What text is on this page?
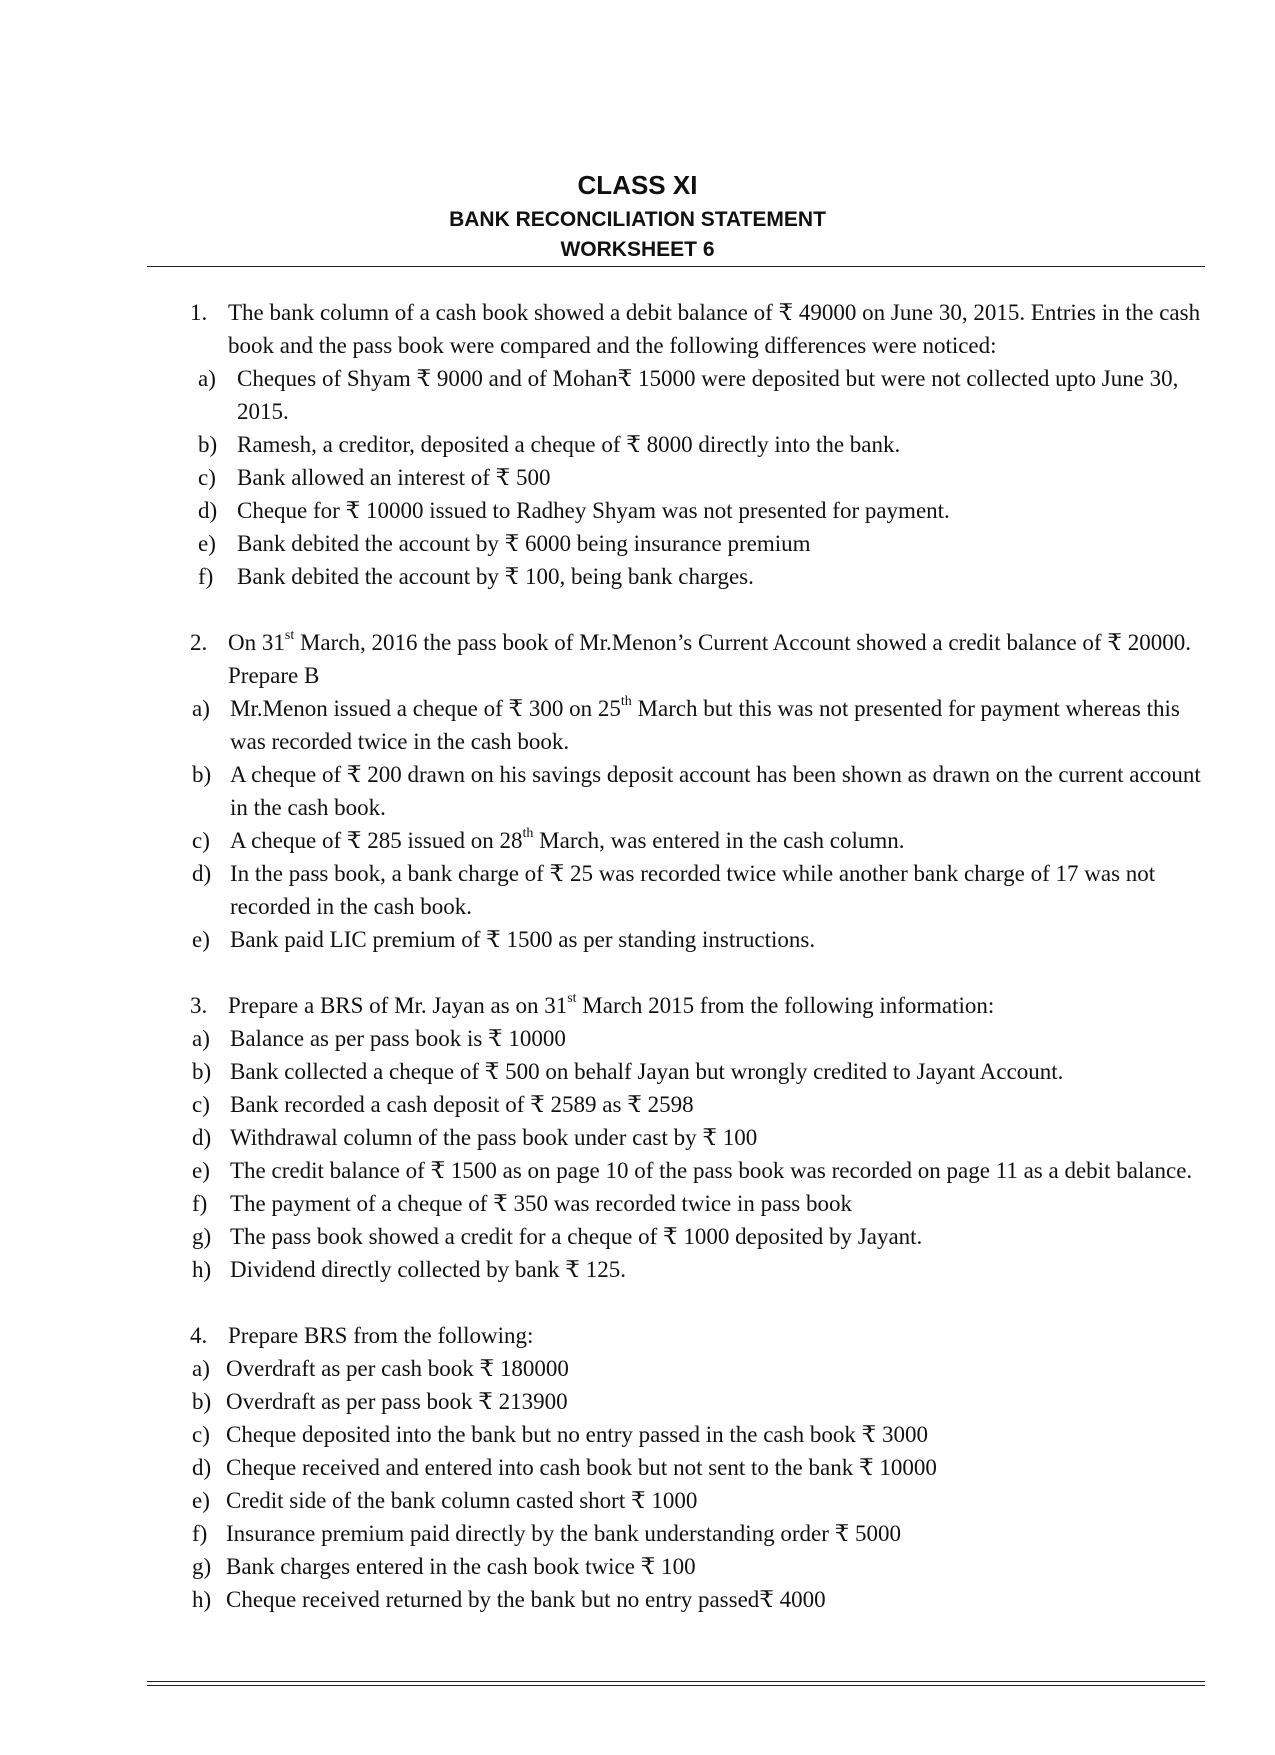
CLASS XI
BANK RECONCILIATION STATEMENT
WORKSHEET 6
1. The bank column of a cash book showed a debit balance of ₹ 49000 on June 30, 2015. Entries in the cash book and the pass book were compared and the following differences were noticed:
a) Cheques of Shyam ₹ 9000 and of Mohan₹ 15000 were deposited but were not collected upto June 30, 2015.
b) Ramesh, a creditor, deposited a cheque of ₹ 8000 directly into the bank.
c) Bank allowed an interest of ₹ 500
d) Cheque for ₹ 10000 issued to Radhey Shyam was not presented for payment.
e) Bank debited the account by ₹ 6000 being insurance premium
f) Bank debited the account by ₹ 100, being bank charges.
2. On 31st March, 2016 the pass book of Mr.Menon’s Current Account showed a credit balance of ₹ 20000. Prepare B
a) Mr.Menon issued a cheque of ₹ 300 on 25th March but this was not presented for payment whereas this was recorded twice in the cash book.
b) A cheque of ₹ 200 drawn on his savings deposit account has been shown as drawn on the current account in the cash book.
c) A cheque of ₹ 285 issued on 28th March, was entered in the cash column.
d) In the pass book, a bank charge of ₹ 25 was recorded twice while another bank charge of 17 was not recorded in the cash book.
e) Bank paid LIC premium of ₹ 1500 as per standing instructions.
3. Prepare a BRS of Mr. Jayan as on 31st March 2015 from the following information:
a) Balance as per pass book is ₹ 10000
b) Bank collected a cheque of ₹ 500 on behalf Jayan but wrongly credited to Jayant Account.
c) Bank recorded a cash deposit of ₹ 2589 as ₹ 2598
d) Withdrawal column of the pass book under cast by ₹ 100
e) The credit balance of ₹ 1500 as on page 10 of the pass book was recorded on page 11 as a debit balance.
f) The payment of a cheque of ₹ 350 was recorded twice in pass book
g) The pass book showed a credit for a cheque of ₹ 1000 deposited by Jayant.
h) Dividend directly collected by bank ₹ 125.
4. Prepare BRS from the following:
a) Overdraft as per cash book ₹ 180000
b) Overdraft as per pass book ₹ 213900
c) Cheque deposited into the bank but no entry passed in the cash book ₹ 3000
d) Cheque received and entered into cash book but not sent to the bank ₹ 10000
e) Credit side of the bank column casted short ₹ 1000
f) Insurance premium paid directly by the bank understanding order ₹ 5000
g) Bank charges entered in the cash book twice ₹ 100
h) Cheque received returned by the bank but no entry passed₹ 4000
